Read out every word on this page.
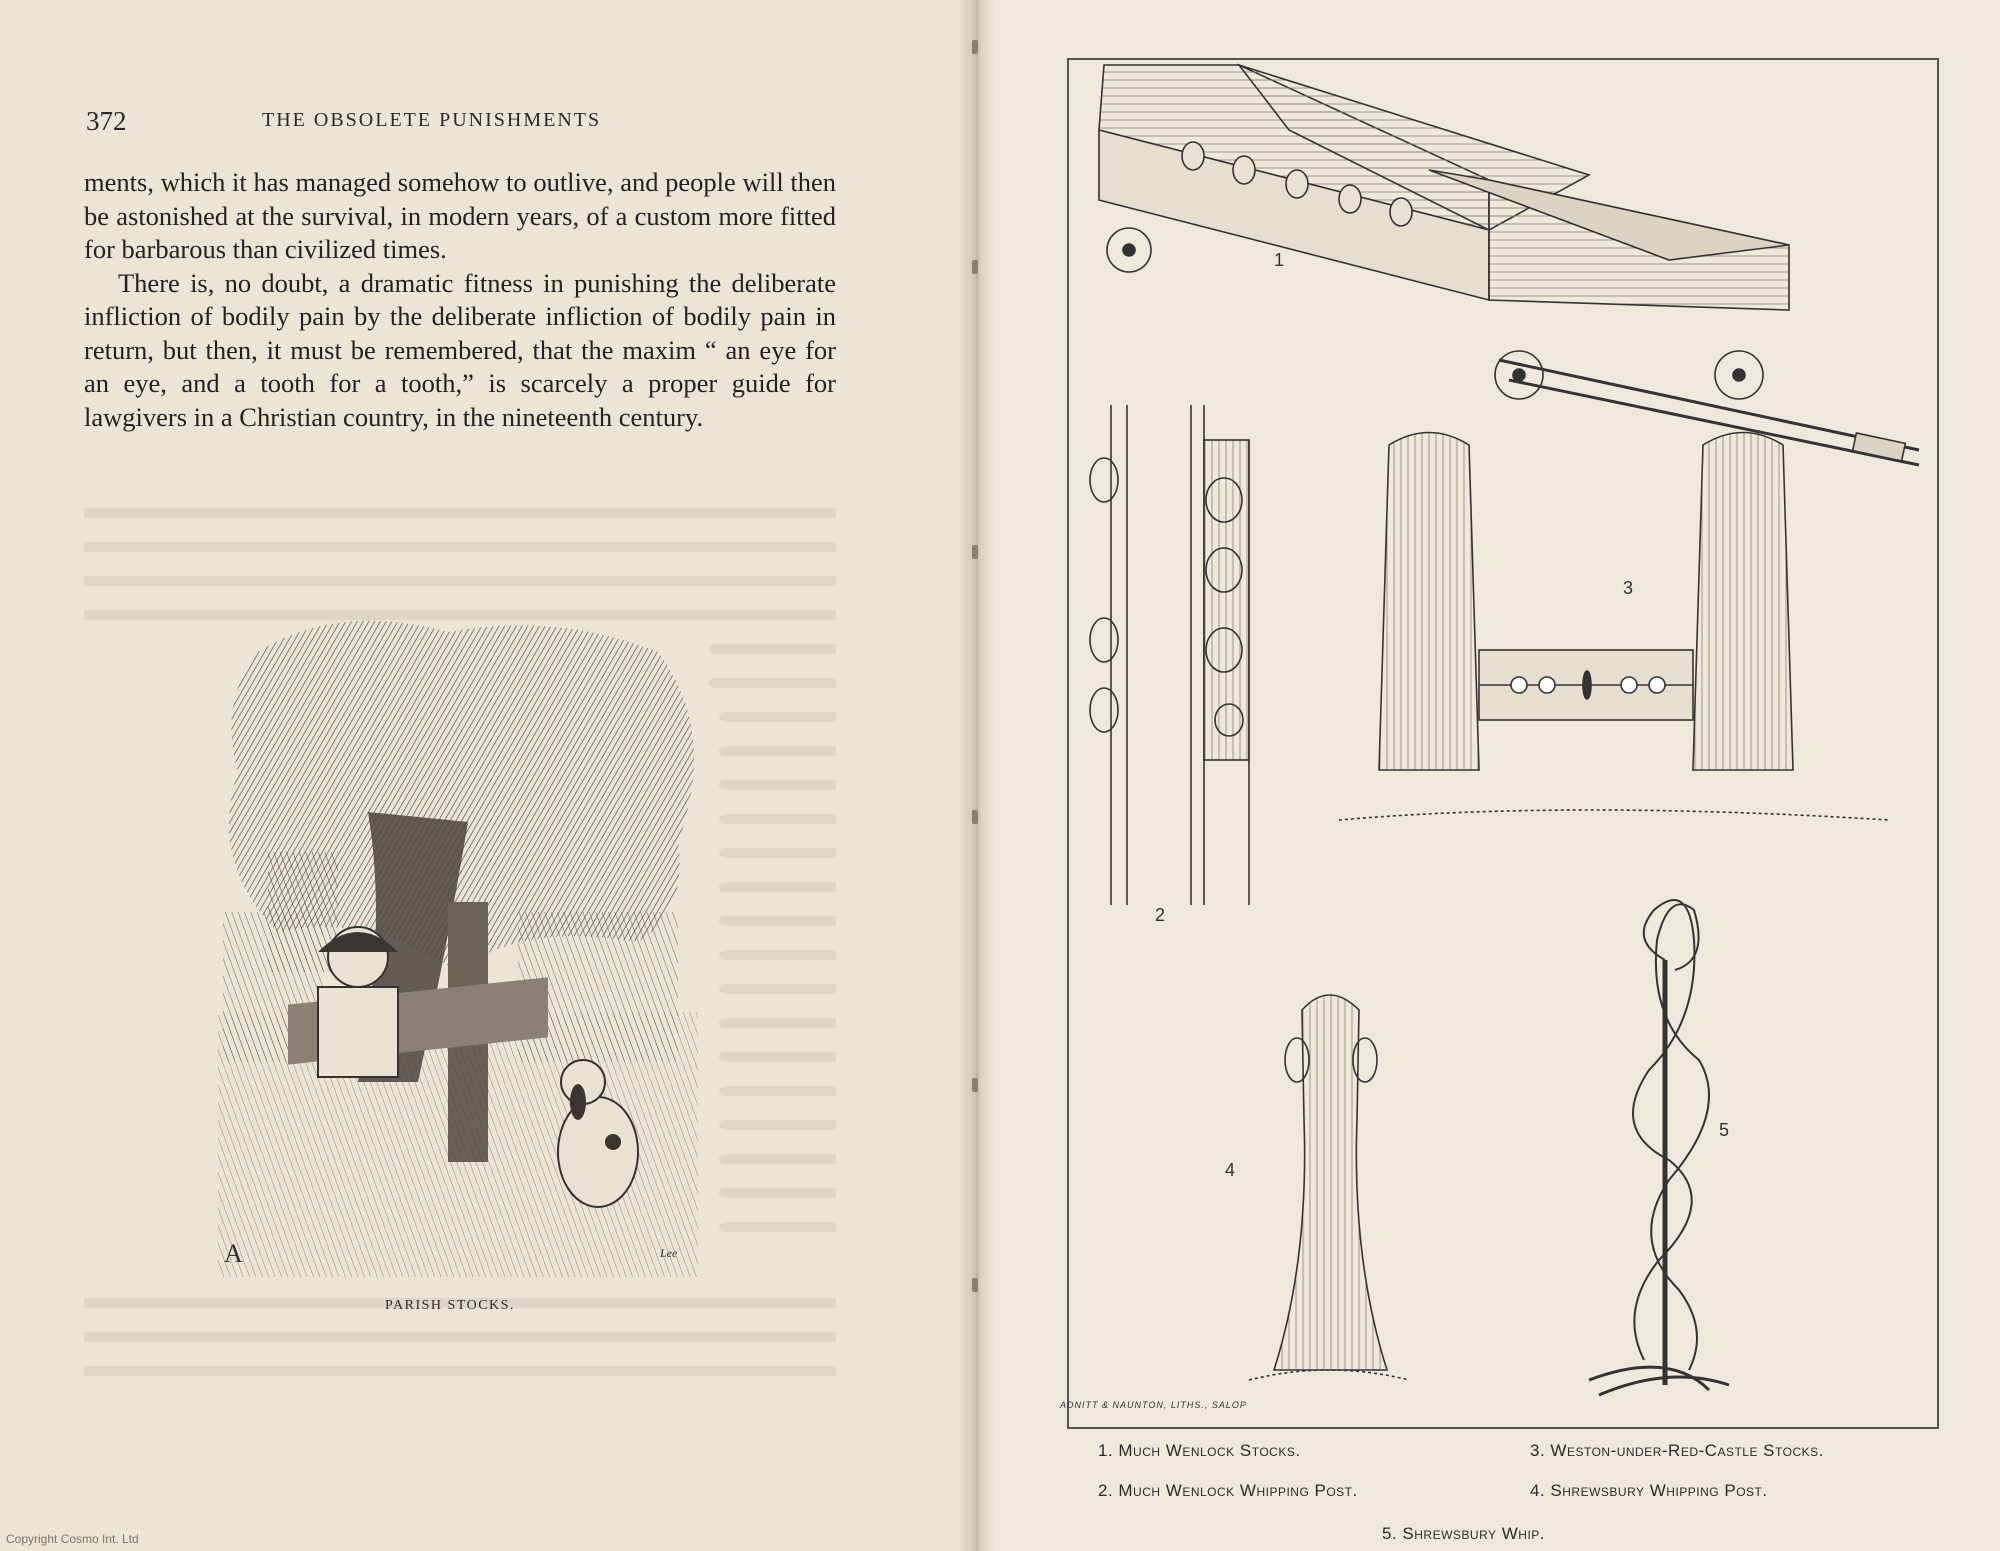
372	THE OBSOLETE PUNISHMENTS

ments, which it has managed somehow to outlive, and people will then be astonished at the survival, in modern years, of a custom more fitted for barbarous than civilized times.

There is, no doubt, a dramatic fitness in punishing the deliberate infliction of bodily pain by the deliberate infliction of bodily pain in return, but then, it must be remembered, that the maxim “ an eye for an eye, and a tooth for a tooth,” is scarcely a proper guide for lawgivers in a Christian country, in the nineteenth century.

A	Lee
PARISH STOCKS.
1
2
3
4
5
ADNITT & NAUNTON, LITHS., SALOP
1. Much Wenlock Stocks.
2. Much Wenlock Whipping Post.
3. Weston-under-Red-Castle Stocks.
4. Shrewsbury Whipping Post.
5. Shrewsbury Whip.
Copyright Cosmo Int. Ltd
